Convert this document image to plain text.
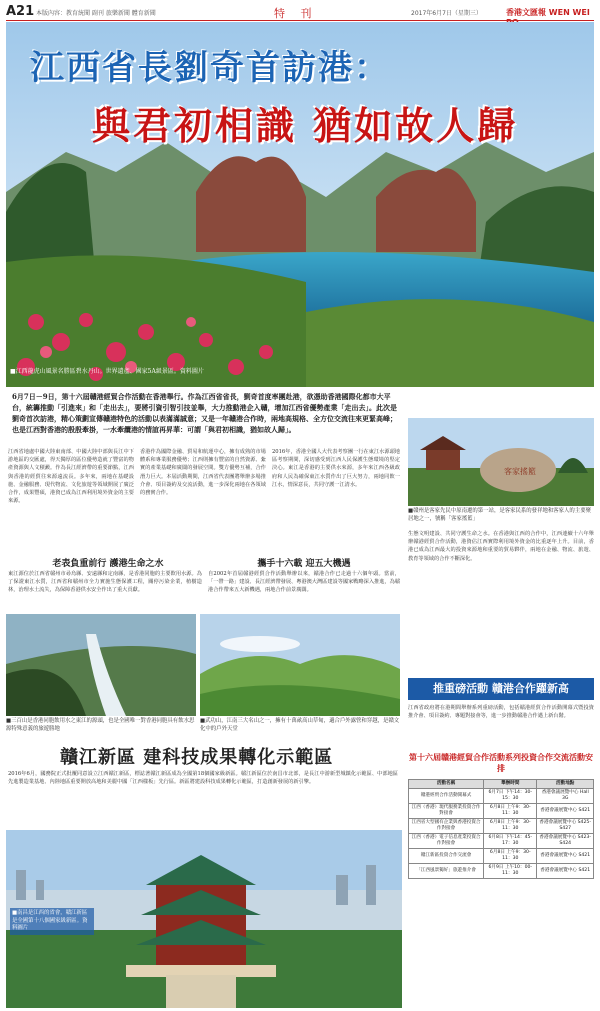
A21 本版內容：教育統聞 副刊 旅樂新聞 體育新聞	特 刊	2017年6月7日（星期三）	香港文匯報 WEN WEI
江西省長劉奇首訪港：
與君初相識 猶如故人歸
■江西龍虎山風景名勝區碧水丹山。世界遺產、國家5A級景區。資料圖片
6月7日－9日，第十六屆贛港經貿合作活動在香港舉行。作為江西省省長，劉奇首度率團赴港，欲憑助香港國際化都市大平台，統籌推動「引進來」和「走出去」，要將引資引智引技並舉，大力推動港企入贛，增加江西省優勢產業「走出去」。此次是劉奇首次訪港，精心策劃宣傳贛港特色的活動以表滿滿誠意；又是一年贛港合作時，兩地高規格、全方位交流往來更緊高峰；也是江西對香港的殷殷牽掛，一水牽纜港的情誼再昇華：可謂「與君初相識，猶如故人歸」。
江西省地處中國大陸東南部、中國大陸中部與長江中下游地區的交匯處，得天獨厚的區位優勢造就了豐富的物產資源與人文積澱。作為長江經濟帶的重要節點，江西與香港的經貿往來源遠流長。多年來，兩地在基礎設施、金融服務、現代物流、文化旅遊等領域開展了廣泛合作，成果豐碩，港資已成為江西利用境外資金的主要來源。
香港作為國際金融、貿易和航運中心，擁有成熟的市場體系和專業服務優勢；江西則擁有豐富的自然資源、紮實的產業基礎和廣闊的發展空間。雙方優勢互補，合作潛力巨大。本屆活動期間，江西省代表團將舉辦多場推介會、項目簽約及交流活動，進一步深化兩地在各領域的務實合作。
2016年，香港全國人大代表考察團一行在東江水源頭地區考察期間，深切感受到江西人民保護生態環境的堅定決心。東江是香港的主要供水來源，多年來江西各級政府和人民為確保東江水質作出了巨大努力，兩地同飲一江水，情深意長，共同守護一江清水。
老表負重前行 護港生命之水
東江源位於江西省贛州市尋烏縣、安遠縣和定南縣，是香港同胞的主要飲用水源。為了保證東江水質，江西省和贛州市全力實施生態保護工程，關停污染企業，植樹造林，治理水土流失，為保障香港供水安全作出了重大貢獻。
攜手十六載 迎五大機遇
自2002年首屆贛港經貿合作活動舉辦以來，贛港合作已走過十六個年頭。當前，「一帶一路」建設、長江經濟帶發展、粵港澳大灣區建設等國家戰略深入推進，為贛港合作帶來五大新機遇，兩地合作前景廣闊。
客家搖籃
■贛州是客家先民中原南遷的第一站，是客家民系的發祥地和客家人的主要聚居地之一，號稱「客家搖籃」
生態文明建設、共同守護生命之水。在香港與江西的合作中，江西連續十六年舉辦贛港經貿合作活動，港資佔江西實際利用境外資金的比重逐年上升。目前，香港已成為江西最大的投資來源地和重要的貿易夥伴，兩地在金融、物流、旅遊、教育等領域的合作不斷深化。
■三百山是香港同胞飲用水之東江的源頭，也是全國唯一對香港同胞具有飲水思源特殊意義的旅遊勝地
■武功山，江南三大名山之一，擁有十萬畝高山草甸，適合戶外露營和穿越，是贛文化中的戶外天堂
贛江新區 建科技成果轉化示範區
2016年6月，國務院正式批覆同意設立江西贛江新區，標誌著贛江新區成為全國第18個國家級新區。贛江新區位於南昌市北部，是長江中游新型城鎮化示範區、中部地區先進製造業基地、內陸地區重要開放高地和美麗中國「江西樣板」先行區。新區將建設科技成果轉化示範區，打造創新發展的新引擎。
■南昌是江西的省會，贛江新區是全國第十八個國家級新區。資料圖片
推重磅活動 贛港合作躍新高
江西省政府將在港期間舉辦系列重磅活動，包括贛港經貿合作活動開幕式暨投資推介會、項目簽約、專題對接會等，進一步推動贛港合作邁上新台階。
第十六屆贛港經貿合作活動系列投資合作交流活動安排
活動名稱	舉辦時間	活動地點
贛港經貿合作活動開幕式	6月7日 下午14：30-15：30	香港會議展覽中心 Hall 3G
江西（香港）現代服務業投資合作對接會	6月8日 上午9：30-11：30	香港會議展覽中心 S421
江西省大型國有企業與香港投資合作對接會	6月8日 上午9：30-11：30	香港會議展覽中心 S425-S427
江西（香港）電子信息產業投資合作對接會	6月8日 下午14：45-17：30	香港會議展覽中心 S423-S424
贛江新區投資合作交流會	6月8日 上午9：30-11：30	香港會議展覽中心 S421
「江西風景獨好」旅遊推介會	6月9日 上午10：00-11：30	香港會議展覽中心 S421
